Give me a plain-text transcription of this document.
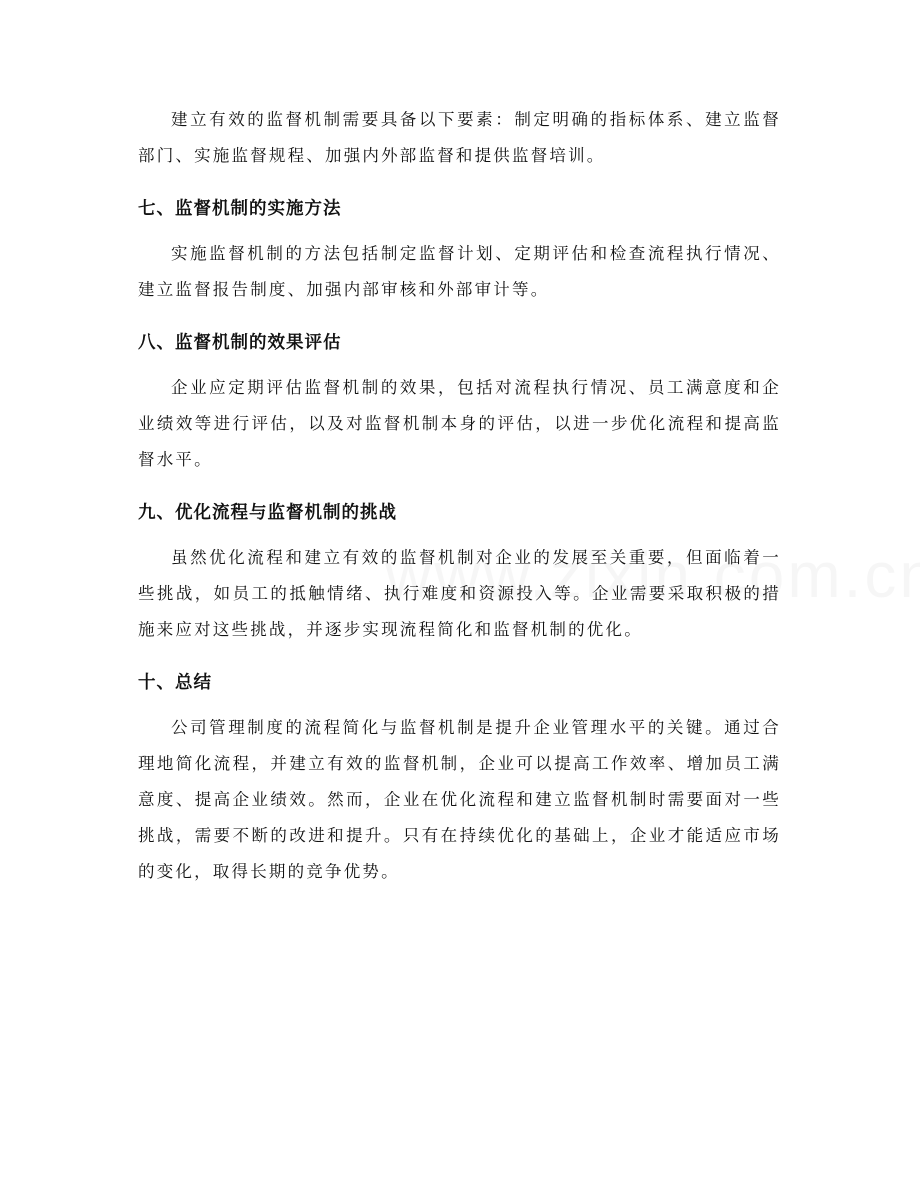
建立有效的监督机制需要具备以下要素：制定明确的指标体系、建立监督部门、实施监督规程、加强内外部监督和提供监督培训。

七、监督机制的实施方法

实施监督机制的方法包括制定监督计划、定期评估和检查流程执行情况、建立监督报告制度、加强内部审核和外部审计等。

八、监督机制的效果评估

企业应定期评估监督机制的效果，包括对流程执行情况、员工满意度和企业绩效等进行评估，以及对监督机制本身的评估，以进一步优化流程和提高监督水平。

九、优化流程与监督机制的挑战

虽然优化流程和建立有效的监督机制对企业的发展至关重要，但面临着一些挑战，如员工的抵触情绪、执行难度和资源投入等。企业需要采取积极的措施来应对这些挑战，并逐步实现流程简化和监督机制的优化。

十、总结

公司管理制度的流程简化与监督机制是提升企业管理水平的关键。通过合理地简化流程，并建立有效的监督机制，企业可以提高工作效率、增加员工满意度、提高企业绩效。然而，企业在优化流程和建立监督机制时需要面对一些挑战，需要不断的改进和提升。只有在持续优化的基础上，企业才能适应市场的变化，取得长期的竞争优势。
